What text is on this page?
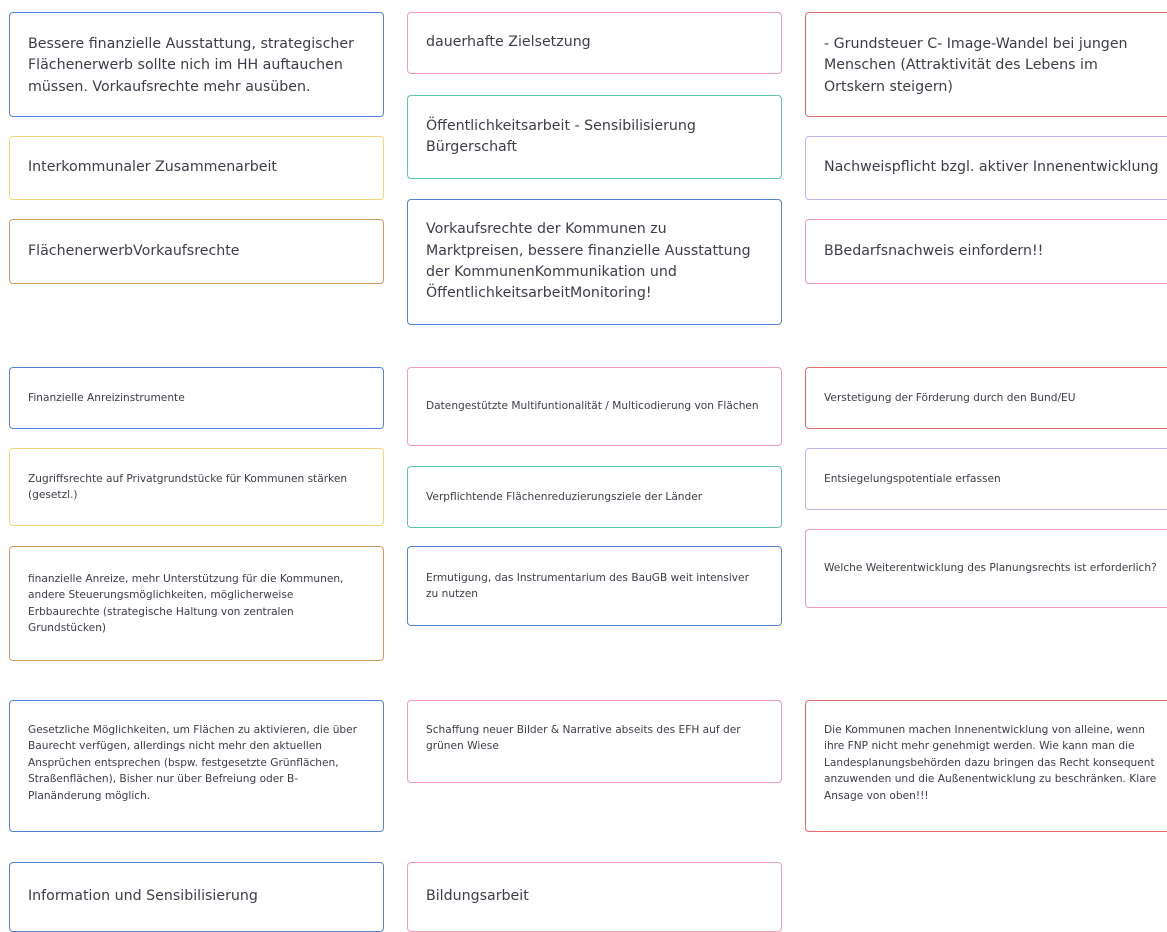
Bessere finanzielle Ausstattung, strategischer Flächenerwerb sollte nich im HH auftauchen müssen. Vorkaufsrechte mehr ausüben.
dauerhafte Zielsetzung	- Grundsteuer C- Image-Wandel bei jungen Menschen (Attraktivität des Lebens im Ortskern steigern)
Öffentlichkeitsarbeit - Sensibilisierung Bürgerschaft
Interkommunaler Zusammenarbeit	Nachweispflicht bzgl. aktiver Innenentwicklung
FlächenerwerbVorkaufsrechte
Vorkaufsrechte der Kommunen zu Marktpreisen, bessere finanzielle Ausstattung der KommunenKommunikation und ÖffentlichkeitsarbeitMonitoring!
BBedarfsnachweis einfordern!!
Finanzielle Anreizinstrumente
Datengestützte Multifuntionalität / Multicodierung von Flächen
Verstetigung der Förderung durch den Bund/EU
Zugriffsrechte auf Privatgrundstücke für Kommunen stärken (gesetzl.)	Verpflichtende Flächenreduzierungsziele der Länder
Entsiegelungspotentiale erfassen
Welche Weiterentwicklung des Planungsrechts ist erforderlich?
finanzielle Anreize, mehr Unterstützung für die Kommunen, andere Steuerungsmöglichkeiten, möglicherweise Erbbaurechte (strategische Haltung von zentralen Grundstücken)
Ermutigung, das Instrumentarium des BauGB weit intensiver zu nutzen
Gesetzliche Möglichkeiten, um Flächen zu aktivieren, die über Baurecht verfügen, allerdings nicht mehr den aktuellen Ansprüchen entsprechen (bspw. festgesetzte Grünflächen, Straßenflächen), Bisher nur über Befreiung oder B-Planänderung möglich.
Schaffung neuer Bilder & Narrative abseits des EFH auf der grünen Wiese
Die Kommunen machen Innenentwicklung von alleine, wenn ihre FNP nicht mehr genehmigt werden. Wie kann man die Landesplanungsbehörden dazu bringen das Recht konsequent anzuwenden und die Außenentwicklung zu beschränken. Klare Ansage von oben!!!
Information und Sensibilisierung	Bildungsarbeit
